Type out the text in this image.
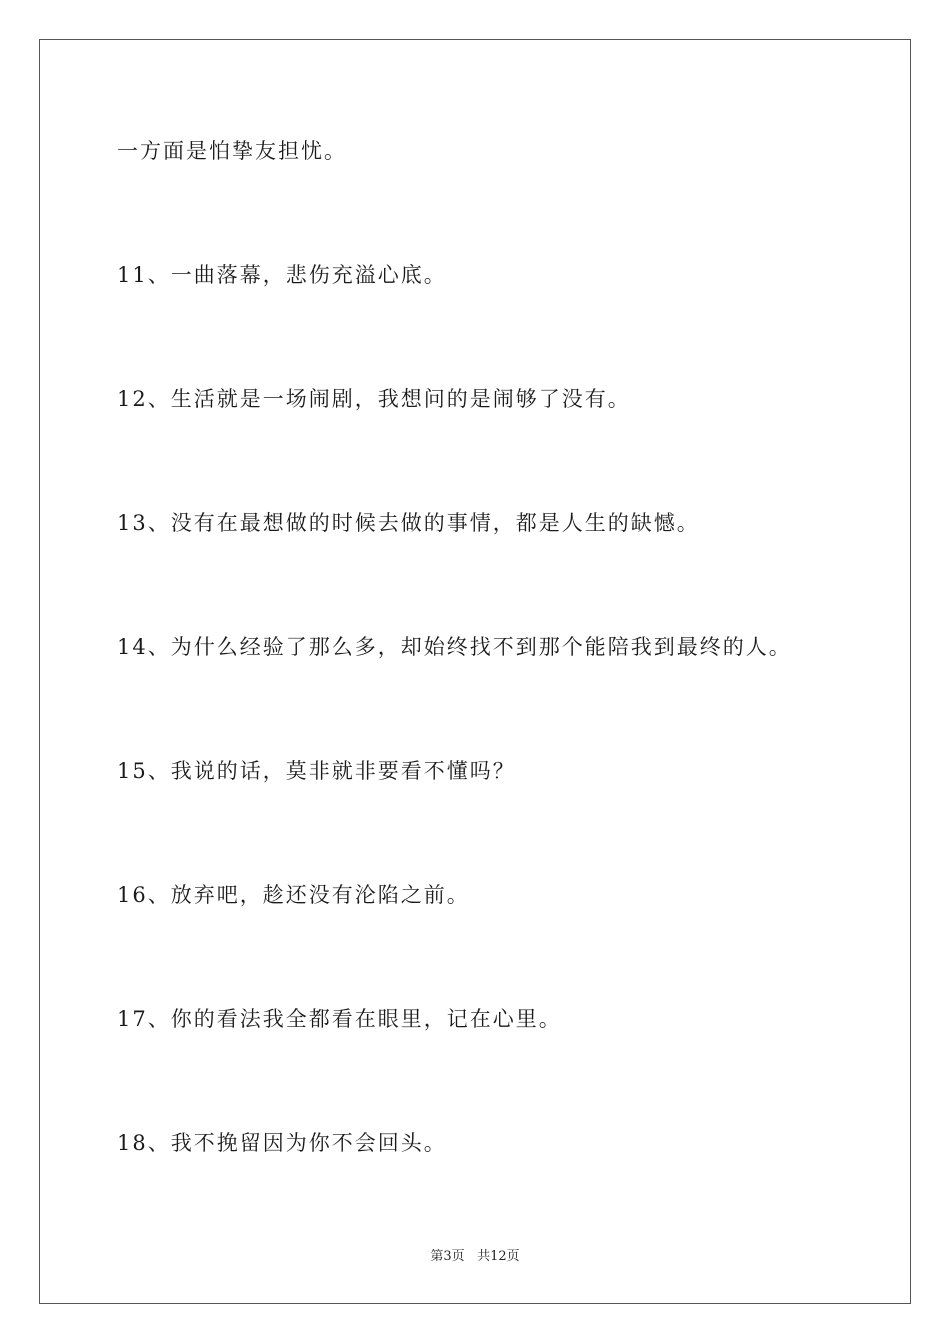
一方面是怕挚友担忧。
11、一曲落幕，悲伤充溢心底。
12、生活就是一场闹剧，我想问的是闹够了没有。
13、没有在最想做的时候去做的事情，都是人生的缺憾。
14、为什么经验了那么多，却始终找不到那个能陪我到最终的人。
15、我说的话，莫非就非要看不懂吗？
16、放弃吧，趁还没有沦陷之前。
17、你的看法我全都看在眼里，记在心里。
18、我不挽留因为你不会回头。
第3页 共12页
